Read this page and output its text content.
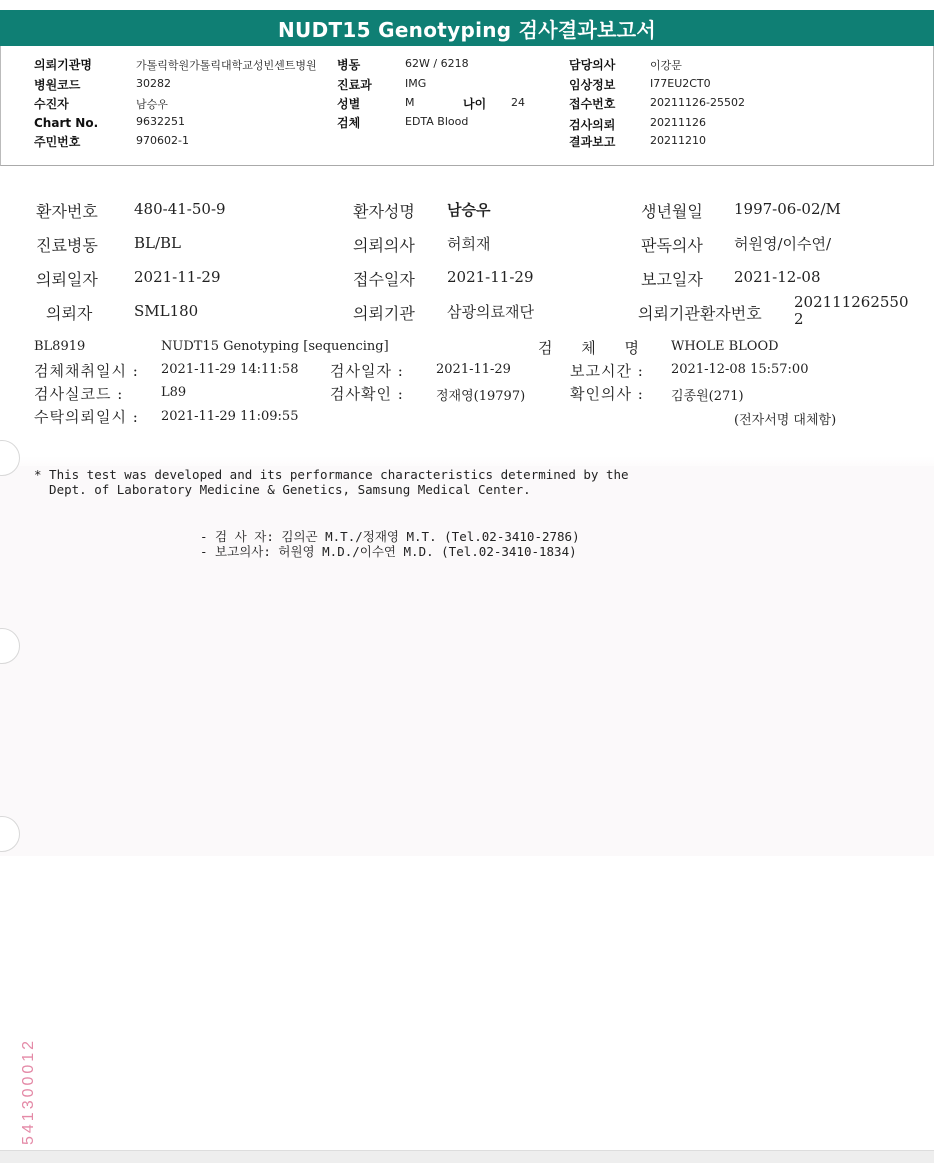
NUDT15 Genotyping 검사결과보고서
의뢰기관명	가톨릭학원가톨릭대학교성빈센트병원
병원코드	30282
수진자	남승우
Chart No.	9632251
주민번호	970602-1
병동	62W / 6218
진료과	IMG
성별	M	나이 24
검체	EDTA Blood
담당의사	이강문
임상정보	I77EU2CT0
접수번호	20211126-25502
검사의뢰	20211126
결과보고	20211210
환자번호 480-41-50-9	환자성명 남승우	생년월일 1997-06-02/M
진료병동 BL/BL	의뢰의사 허희재	판독의사 허원영/이수연/
의뢰일자 2021-11-29	접수일자 2021-11-29	보고일자 2021-12-08
의뢰자	SML180	의뢰기관 삼광의료재단	의뢰기관환자번호
202111262550
2
BL8919	NUDT15 Genotyping [sequencing]	검 체 명 WHOLE BLOOD
검체채취일시 : 2021-11-29 14:11:58 검사일자 : 2021-11-29	보고시간 : 2021-12-08 15:57:00
검사실코드 :	L89	검사확인 : 정재영(19797)	확인의사 : 김종원(271)
수탁의뢰일시 : 2021-11-29 11:09:55	(전자서명 대체함)
* This test was developed and its performance characteristics determined by the
Dept. of Laboratory Medicine & Genetics, Samsung Medical Center.
- 검 사 자: 김의곤 M.T./정재영 M.T. (Tel.02-3410-2786)
- 보고의사: 허원영 M.D./이수연 M.D. (Tel.02-3410-1834)
541300012
